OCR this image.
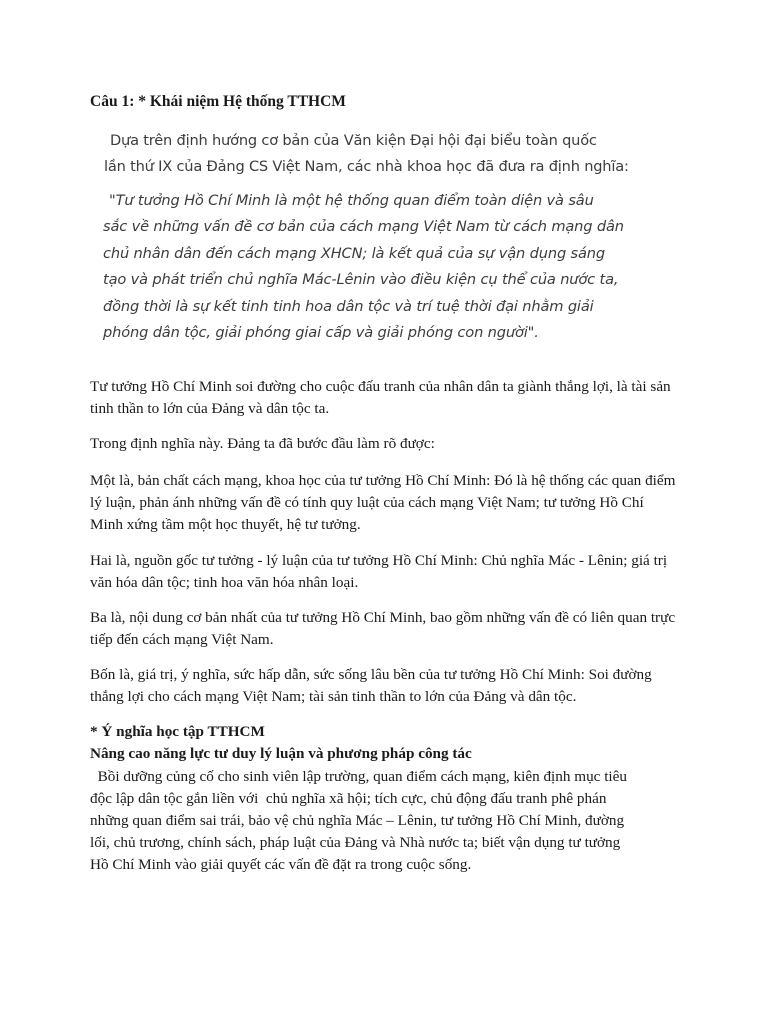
Câu 1: * Khái niệm Hệ thống TTHCM

Dựa trên định hướng cơ bản của Văn kiện Đại hội đại biểu toàn quốc
lần thứ IX của Đảng CS Việt Nam, các nhà khoa học đã đưa ra định nghĩa:

"Tư tưởng Hồ Chí Minh là một hệ thống quan điểm toàn diện và sâu
sắc về những vấn đề cơ bản của cách mạng Việt Nam từ cách mạng dân
chủ nhân dân đến cách mạng XHCN; là kết quả của sự vận dụng sáng
tạo và phát triển chủ nghĩa Mác-Lênin vào điều kiện cụ thể của nước ta,
đồng thời là sự kết tinh tinh hoa dân tộc và trí tuệ thời đại nhằm giải
phóng dân tộc, giải phóng giai cấp và giải phóng con người".

Tư tưởng Hồ Chí Minh soi đường cho cuộc đấu tranh của nhân dân ta giành thắng lợi, là tài sản tinh thần to lớn của Đảng và dân tộc ta.

Trong định nghĩa này. Đảng ta đã bước đầu làm rõ được:

Một là, bản chất cách mạng, khoa học của tư tưởng Hồ Chí Minh: Đó là hệ thống các quan điểm lý luận, phản ánh những vấn đề có tính quy luật của cách mạng Việt Nam; tư tưởng Hồ Chí Minh xứng tầm một học thuyết, hệ tư tưởng.

Hai là, nguồn gốc tư tưởng - lý luận của tư tưởng Hồ Chí Minh: Chủ nghĩa Mác - Lênin; giá trị văn hóa dân tộc; tinh hoa văn hóa nhân loại.

Ba là, nội dung cơ bản nhất của tư tưởng Hồ Chí Minh, bao gồm những vấn đề có liên quan trực tiếp đến cách mạng Việt Nam.

Bốn là, giá trị, ý nghĩa, sức hấp dẫn, sức sống lâu bền của tư tưởng Hồ Chí Minh: Soi đường thắng lợi cho cách mạng Việt Nam; tài sản tinh thần to lớn của Đảng và dân tộc.

* Ý nghĩa học tập TTHCM
Nâng cao năng lực tư duy lý luận và phương pháp công tác

Bồi dưỡng củng cố cho sinh viên lập trường, quan điểm cách mạng, kiên định mục tiêu
độc lập dân tộc gắn liền với  chủ nghĩa xã hội; tích cực, chủ động đấu tranh phê phán
những quan điểm sai trái, bảo vệ chủ nghĩa Mác – Lênin, tư tưởng Hồ Chí Minh, đường
lối, chủ trương, chính sách, pháp luật của Đảng và Nhà nước ta; biết vận dụng tư tưởng
Hồ Chí Minh vào giải quyết các vấn đề đặt ra trong cuộc sống.
